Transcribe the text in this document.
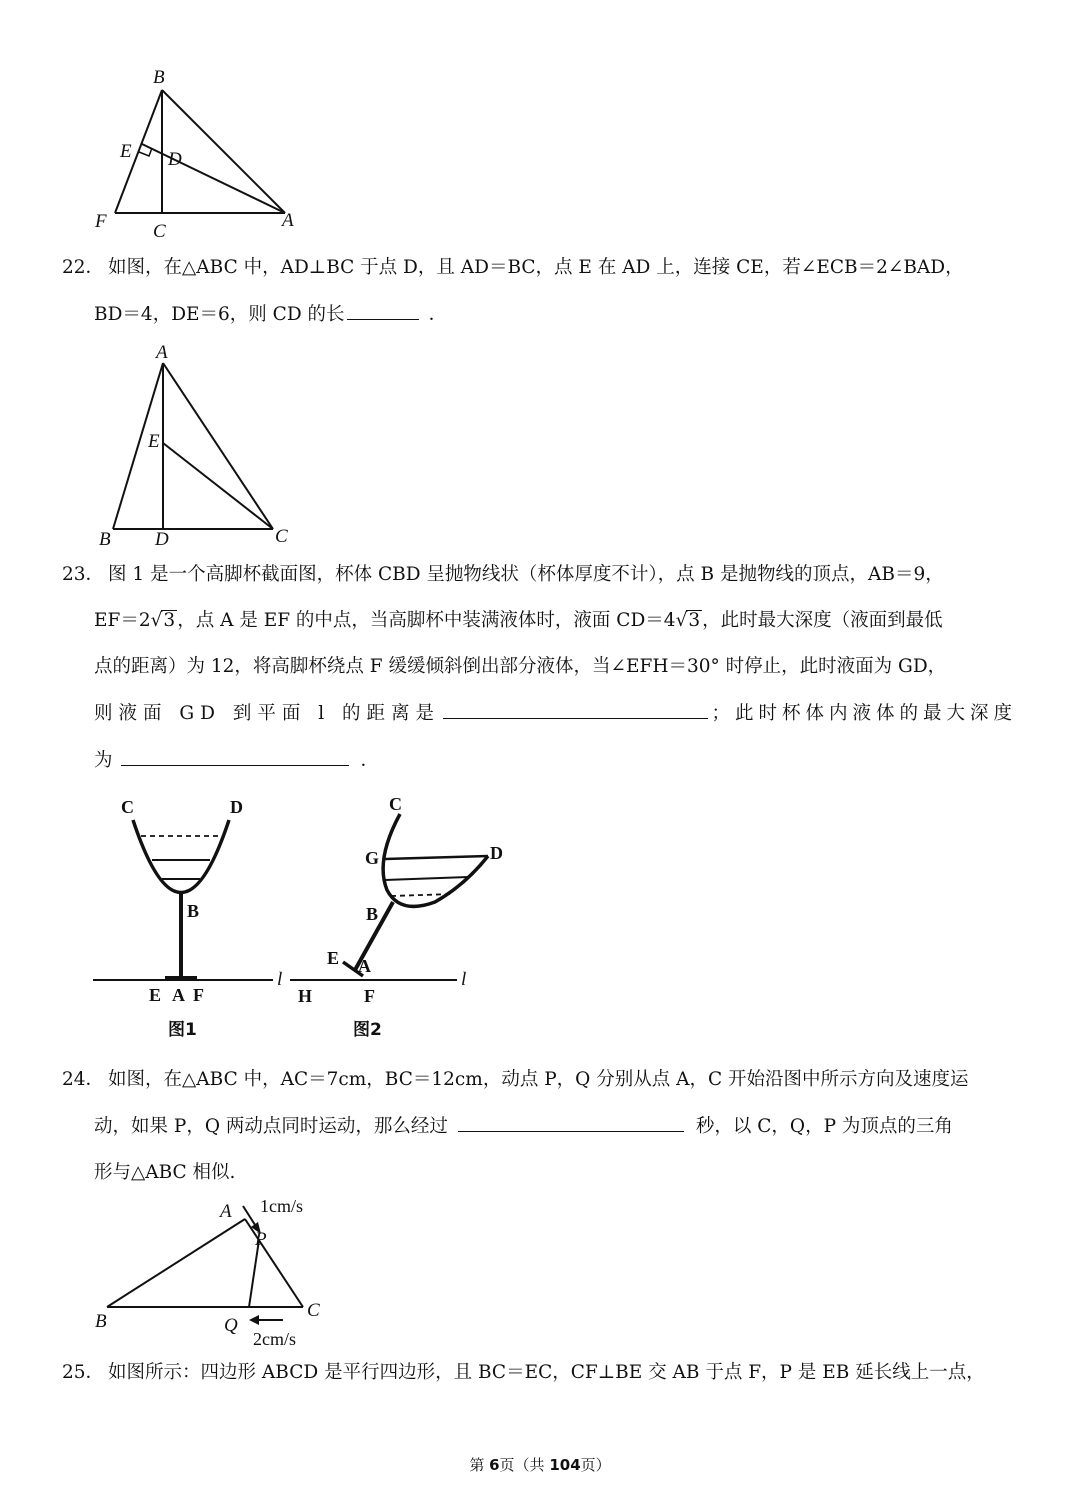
B
E D
F C
A

22． 如图，在△ABC 中，AD⊥BC 于点 D，且 AD＝BC，点 E 在 AD 上，连接 CE，若∠ECB＝2∠BAD，

BD＝4，DE＝6，则 CD 的长	．

A
E
B D	C

23． 图 1 是一个高脚杯截面图，杯体 CBD 呈抛物线状（杯体厚度不计），点 B 是抛物线的顶点，AB＝9，

EF＝2√3 ，点 A 是 EF 的中点，当高脚杯中装满液体时，液面 CD＝4√3 ，此时最大深度（液面到最低

点的距离）为 12，将高脚杯绕点 F 缓缓倾斜倒出部分液体，当∠EFH＝30° 时停止，此时液面为 GD，

则液面 GD 到平面 l 的距离是	；此时杯体内液体的最大深度

为	．

C	D
B
E A F
l
图1
C
G	D
B
E A
H	F
l
图2

24． 如图，在△ABC 中，AC＝7cm，BC＝12cm，动点 P，Q 分别从点 A，C 开始沿图中所示方向及速度运

动，如果 P，Q 两动点同时运动，那么经过	秒，以 C，Q，P 为顶点的三角

形与△ABC 相似.

A 1cm/s
P
B	Q
C
2cm/s

25． 如图所示：四边形 ABCD 是平行四边形，且 BC＝EC，CF⊥BE 交 AB 于点 F，P 是 EB 延长线上一点，

第 6页（共 104页）
